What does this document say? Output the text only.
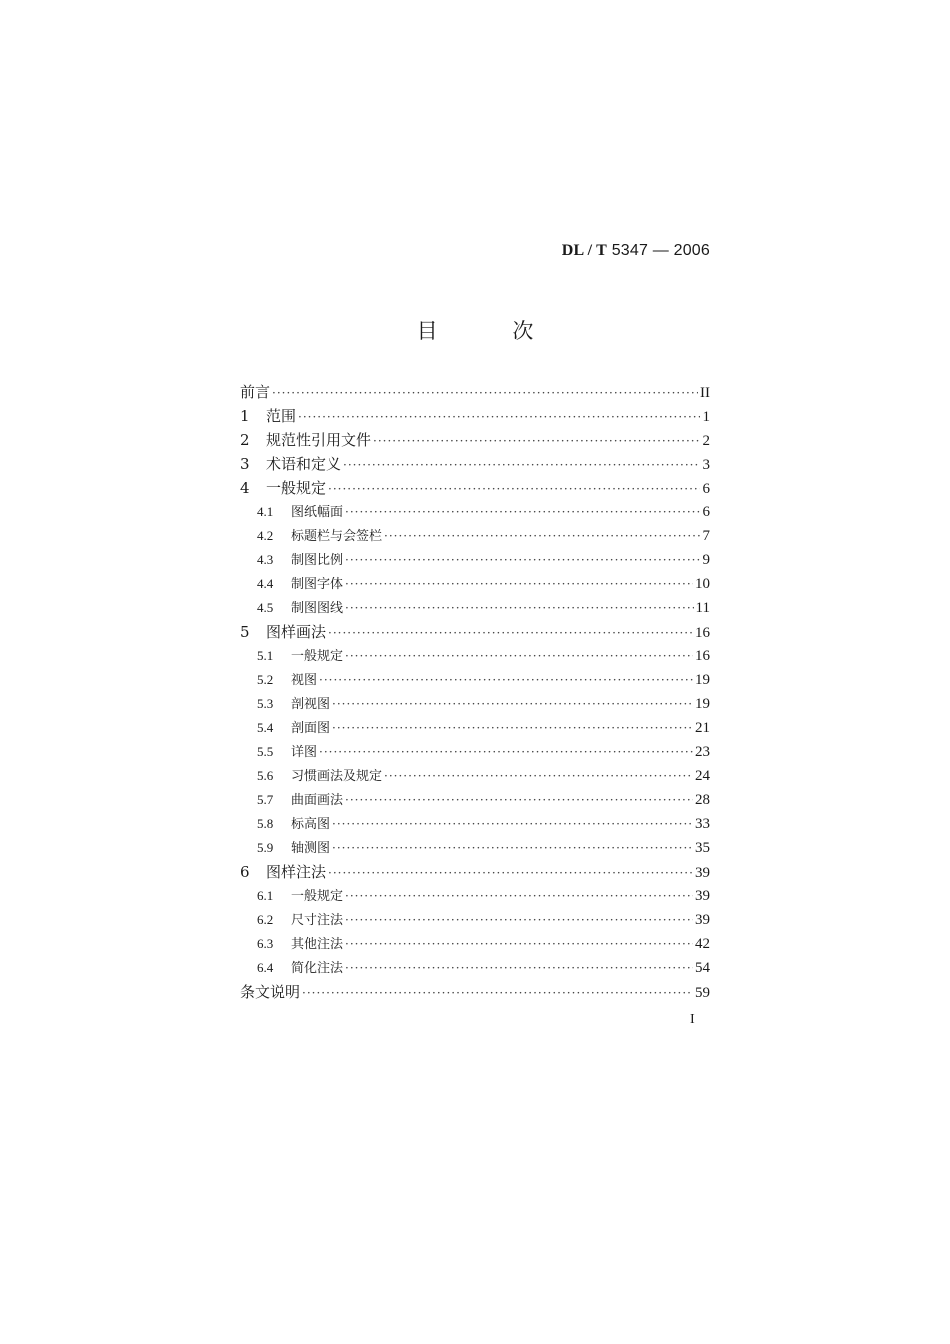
DL / T 5347 — 2006
目 次
前言 ·····	II
1	范围 ·····	1
2	规范性引用文件 ·····	2
3	术语和定义 ·····	3
4	一般规定 ·····	6
4.1	图纸幅面 ·····	6
4.2	标题栏与会签栏 ·····	7
4.3	制图比例 ·····	9
4.4	制图字体 ·····	10
4.5	制图图线 ·····	11
5	图样画法 ·····	16
5.1	一般规定 ·····	16
5.2	视图 ·····	19
5.3	剖视图 ·····	19
5.4	剖面图 ·····	21
5.5	详图 ·····	23
5.6	习惯画法及规定 ·····	24
5.7	曲面画法 ·····	28
5.8	标高图 ·····	33
5.9	轴测图 ·····	35
6	图样注法 ·····	39
6.1	一般规定 ·····	39
6.2	尺寸注法 ·····	39
6.3	其他注法 ·····	42
6.4	简化注法 ·····	54
条文说明 ·····	59
I
